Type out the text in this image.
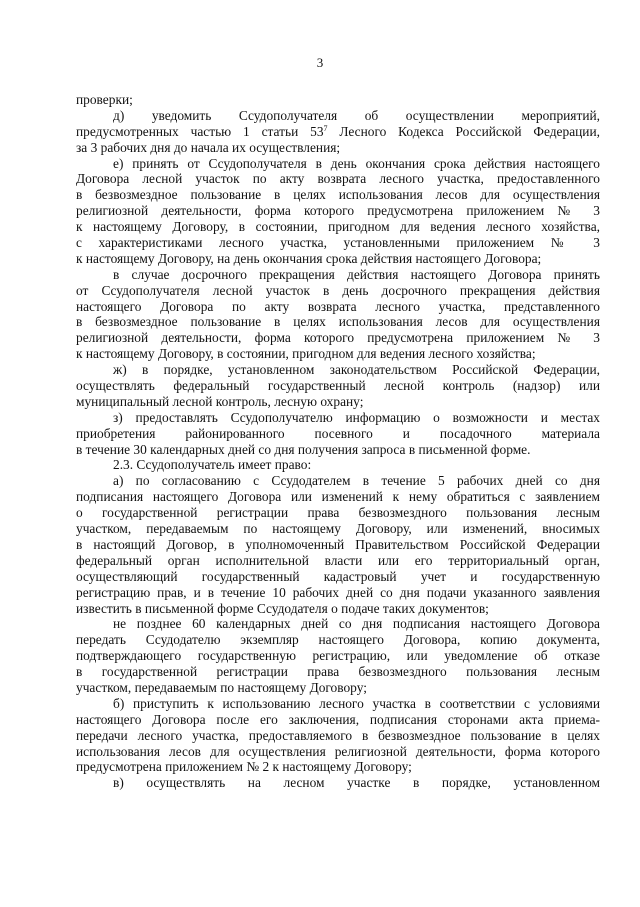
3
проверки;
д) уведомить Ссудополучателя об осуществлении мероприятий,
предусмотренных частью 1 статьи $53^7$ Лесного Кодекса Российской Федерации,
за 3 рабочих дня до начала их осуществления;
е) принять от Ссудополучателя в день окончания срока действия настоящего
Договора лесной участок по акту возврата лесного участка, предоставленного
в безвозмездное пользование в целях использования лесов для осуществления
религиозной деятельности, форма которого предусмотрена приложением № 3
к настоящему Договору, в состоянии, пригодном для ведения лесного хозяйства,
с характеристиками лесного участка, установленными приложением № 3
к настоящему Договору, на день окончания срока действия настоящего Договора;
в случае досрочного прекращения действия настоящего Договора принять
от Ссудополучателя лесной участок в день досрочного прекращения действия
настоящего Договора по акту возврата лесного участка, представленного
в безвозмездное пользование в целях использования лесов для осуществления
религиозной деятельности, форма которого предусмотрена приложением № 3
к настоящему Договору, в состоянии, пригодном для ведения лесного хозяйства;
ж) в порядке, установленном законодательством Российской Федерации,
осуществлять федеральный государственный лесной контроль (надзор) или
муниципальный лесной контроль, лесную охрану;
з) предоставлять Ссудополучателю информацию о возможности и местах
приобретения районированного посевного и посадочного материала
в течение 30 календарных дней со дня получения запроса в письменной форме.
2.3. Ссудополучатель имеет право:
а) по согласованию с Ссудодателем в течение 5 рабочих дней со дня
подписания настоящего Договора или изменений к нему обратиться с заявлением
о государственной регистрации права безвозмездного пользования лесным
участком, передаваемым по настоящему Договору, или изменений, вносимых
в настоящий Договор, в уполномоченный Правительством Российской Федерации
федеральный орган исполнительной власти или его территориальный орган,
осуществляющий государственный кадастровый учет и государственную
регистрацию прав, и в течение 10 рабочих дней со дня подачи указанного заявления
известить в письменной форме Ссудодателя о подаче таких документов;
не позднее 60 календарных дней со дня подписания настоящего Договора
передать Ссудодателю экземпляр настоящего Договора, копию документа,
подтверждающего государственную регистрацию, или уведомление об отказе
в государственной регистрации права безвозмездного пользования лесным
участком, передаваемым по настоящему Договору;
б) приступить к использованию лесного участка в соответствии с условиями
настоящего Договора после его заключения, подписания сторонами акта приема-
передачи лесного участка, предоставляемого в безвозмездное пользование в целях
использования лесов для осуществления религиозной деятельности, форма которого
предусмотрена приложением № 2 к настоящему Договору;
в) осуществлять на лесном участке в порядке, установленном
